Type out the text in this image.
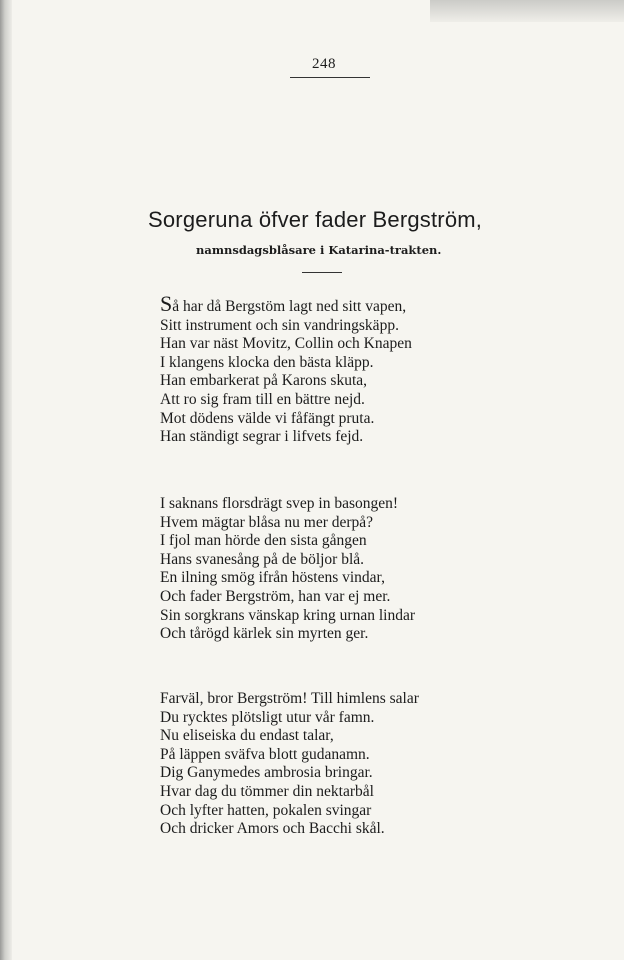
248
Sorgeruna öfver fader Bergström,
namnsdagsblåsare i Katarina-trakten.
Så har då Bergstöm lagt ned sitt vapen,
Sitt instrument och sin vandringskäpp.
Han var näst Movitz, Collin och Knapen
I klangens klocka den bästa kläpp.
Han embarkerat på Karons skuta,
Att ro sig fram till en bättre nejd.
Mot dödens välde vi fåfängt pruta.
Han ständigt segrar i lifvets fejd.
I saknans florsdrägt svep in basongen!
Hvem mägtar blåsa nu mer derpå?
I fjol man hörde den sista gången
Hans svanesång på de böljor blå.
En ilning smög ifrån höstens vindar,
Och fader Bergström, han var ej mer.
Sin sorgkrans vänskap kring urnan lindar
Och tårögd kärlek sin myrten ger.
Farväl, bror Bergström! Till himlens salar
Du rycktes plötsligt utur vår famn.
Nu eliseiska du endast talar,
På läppen sväfva blott gudanamn.
Dig Ganymedes ambrosia bringar.
Hvar dag du tömmer din nektarbål
Och lyfter hatten, pokalen svingar
Och dricker Amors och Bacchi skål.
